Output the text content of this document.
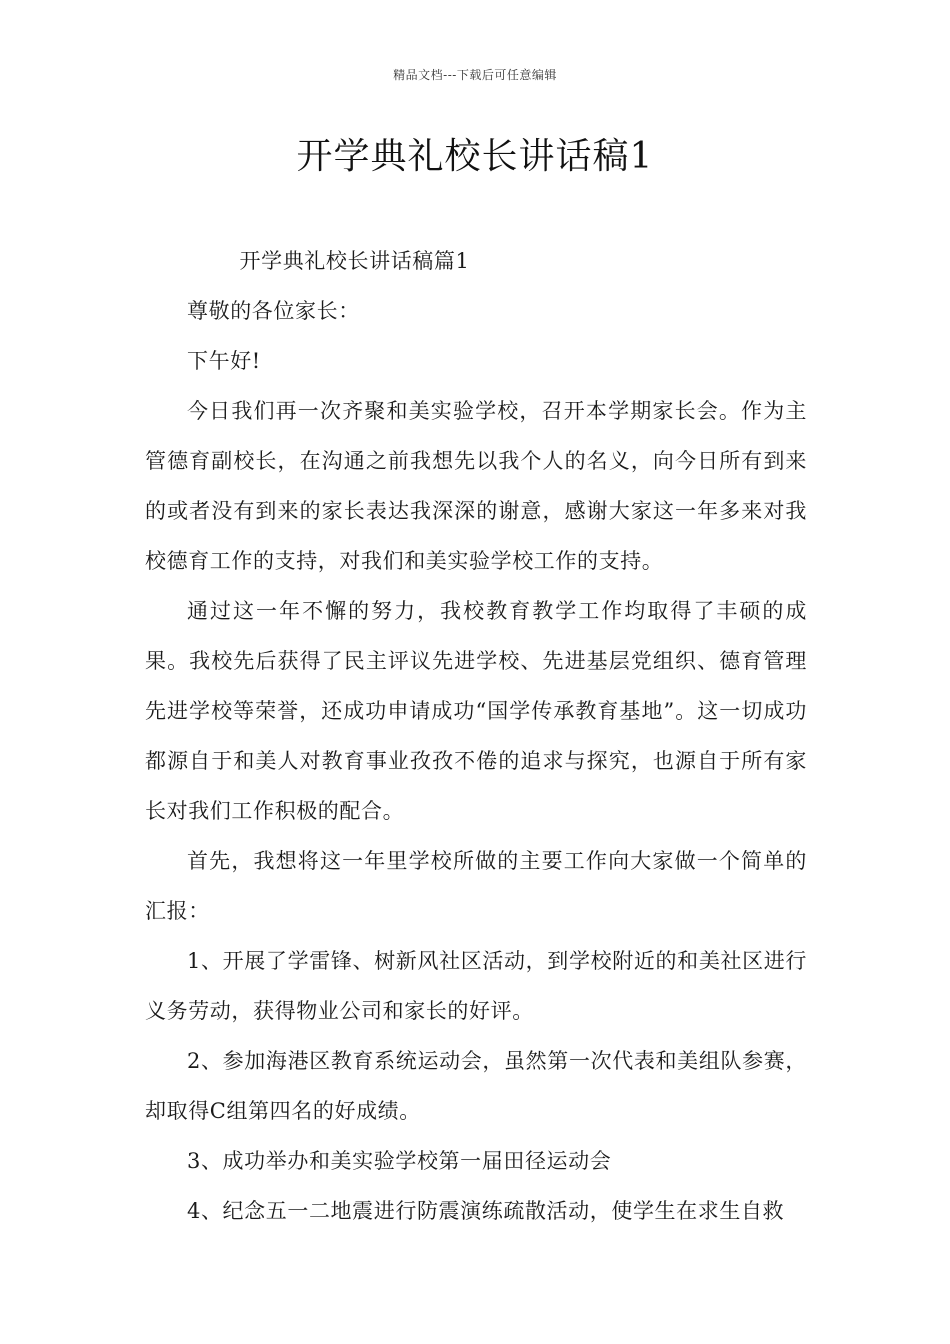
精品文档---下载后可任意编辑
开学典礼校长讲话稿1

开学典礼校长讲话稿篇1

尊敬的各位家长：

下午好!

今日我们再一次齐聚和美实验学校，召开本学期家长会。作为主管德育副校长，在沟通之前我想先以我个人的名义，向今日所有到来的或者没有到来的家长表达我深深的谢意，感谢大家这一年多来对我校德育工作的支持，对我们和美实验学校工作的支持。

通过这一年不懈的努力，我校教育教学工作均取得了丰硕的成果。我校先后获得了民主评议先进学校、先进基层党组织、德育管理先进学校等荣誉，还成功申请成功“国学传承教育基地”。这一切成功都源自于和美人对教育事业孜孜不倦的追求与探究，也源自于所有家长对我们工作积极的配合。

首先，我想将这一年里学校所做的主要工作向大家做一个简单的汇报：

1、开展了学雷锋、树新风社区活动，到学校附近的和美社区进行义务劳动，获得物业公司和家长的好评。

2、参加海港区教育系统运动会，虽然第一次代表和美组队参赛，却取得C组第四名的好成绩。

3、成功举办和美实验学校第一届田径运动会

4、纪念五一二地震进行防震演练疏散活动，使学生在求生自救
